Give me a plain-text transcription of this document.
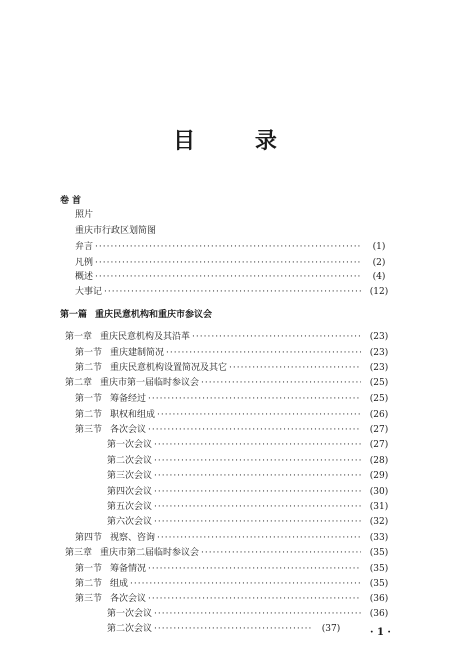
目 录
卷首
照片
重庆市行政区划简图
弁言 ·····	( 1 )
凡例 ·····	( 2 )
概述 ·····	( 4 )
大事记 ·····	( 12 )
第一篇 重庆民意机构和重庆市参议会
第一章 重庆民意机构及其沿革 ·····	( 23 )
第一节 重庆建制简况 ·····	( 23 )
第二节 重庆民意机构设置简况及其它 ·····	( 23 )
第二章 重庆市第一届临时参议会 ·····	( 25 )
第一节 筹备经过 ·····	( 25 )
第二节 职权和组成 ·····	( 26 )
第三节 各次会议 ·····	( 27 )
第一次会议 ·····	( 27 )
第二次会议 ·····	( 28 )
第三次会议 ·····	( 29 )
第四次会议 ·····	( 30 )
第五次会议 ·····	( 31 )
第六次会议 ·····	( 32 )
第四节 视察、咨询 ·····	( 33 )
第三章 重庆市第二届临时参议会 ·····	( 35 )
第一节 筹备情况 ·····	( 35 )
第二节 组成 ·····	( 35 )
第三节 各次会议 ·····	( 36 )
第一次会议 ·····	( 36 )
第二次会议 ·····	( 37 )	· 1 ·
